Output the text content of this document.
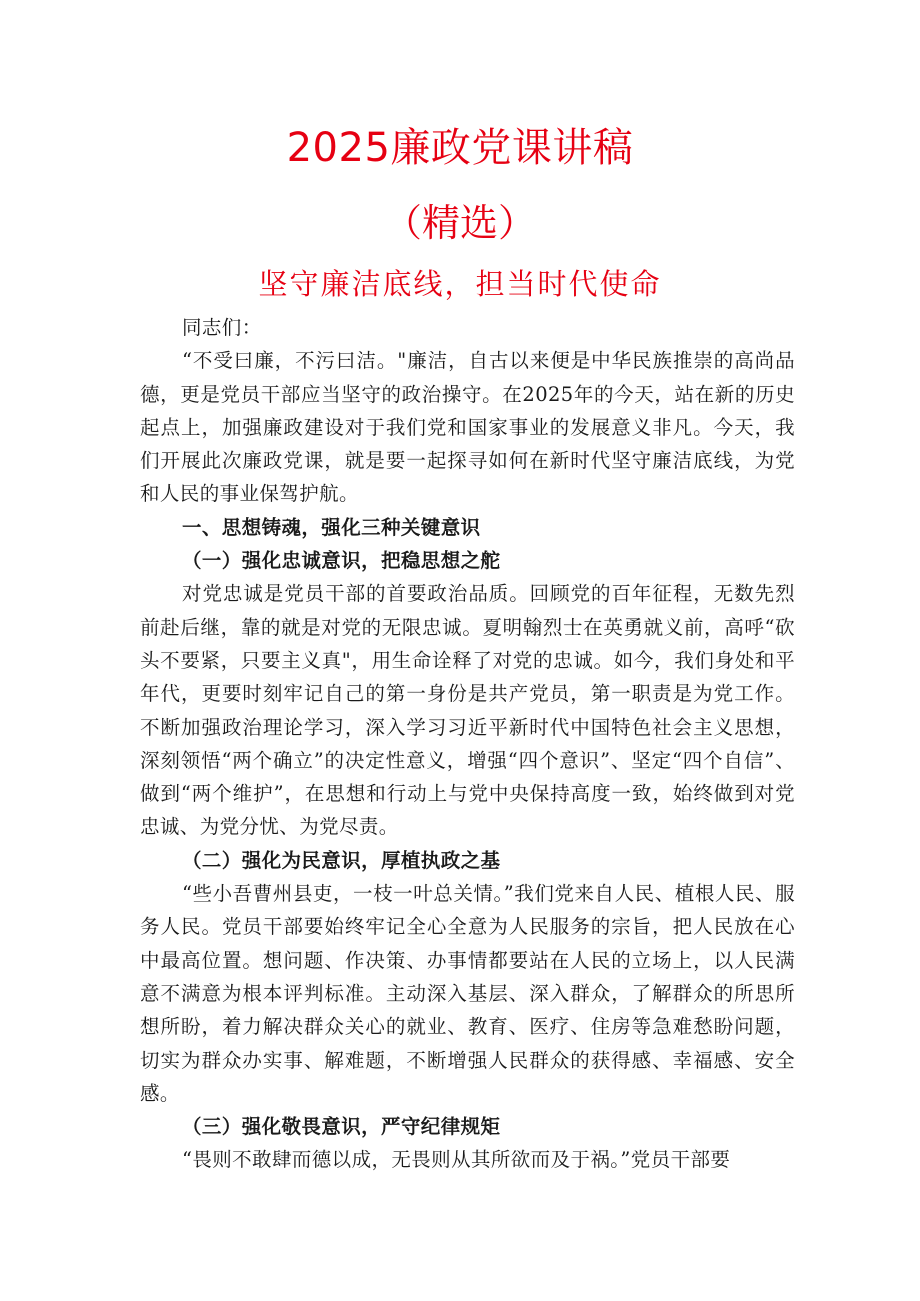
2025廉政党课讲稿
（精选）
坚守廉洁底线，担当时代使命

同志们：

“不受曰廉，不污曰洁。"廉洁，自古以来便是中华民族推崇的高尚品德，更是党员干部应当坚守的政治操守。在2025年的今天，站在新的历史起点上，加强廉政建设对于我们党和国家事业的发展意义非凡。今天，我们开展此次廉政党课，就是要一起探寻如何在新时代坚守廉洁底线，为党和人民的事业保驾护航。

一、思想铸魂，强化三种关键意识

（一）强化忠诚意识，把稳思想之舵

对党忠诚是党员干部的首要政治品质。回顾党的百年征程，无数先烈前赴后继，靠的就是对党的无限忠诚。夏明翰烈士在英勇就义前，高呼“砍头不要紧，只要主义真"，用生命诠释了对党的忠诚。如今，我们身处和平年代，更要时刻牢记自己的第一身份是共产党员，第一职责是为党工作。不断加强政治理论学习，深入学习习近平新时代中国特色社会主义思想，深刻领悟“两个确立”的决定性意义，增强“四个意识”、坚定“四个自信”、做到“两个维护”，在思想和行动上与党中央保持高度一致，始终做到对党忠诚、为党分忧、为党尽责。

（二）强化为民意识，厚植执政之基

“些小吾曹州县吏，一枝一叶总关情。”我们党来自人民、植根人民、服务人民。党员干部要始终牢记全心全意为人民服务的宗旨，把人民放在心中最高位置。想问题、作决策、办事情都要站在人民的立场上，以人民满意不满意为根本评判标准。主动深入基层、深入群众，了解群众的所思所想所盼，着力解决群众关心的就业、教育、医疗、住房等急难愁盼问题，切实为群众办实事、解难题，不断增强人民群众的获得感、幸福感、安全感。

（三）强化敬畏意识，严守纪律规矩

“畏则不敢肆而德以成，无畏则从其所欲而及于祸。”党员干部要
